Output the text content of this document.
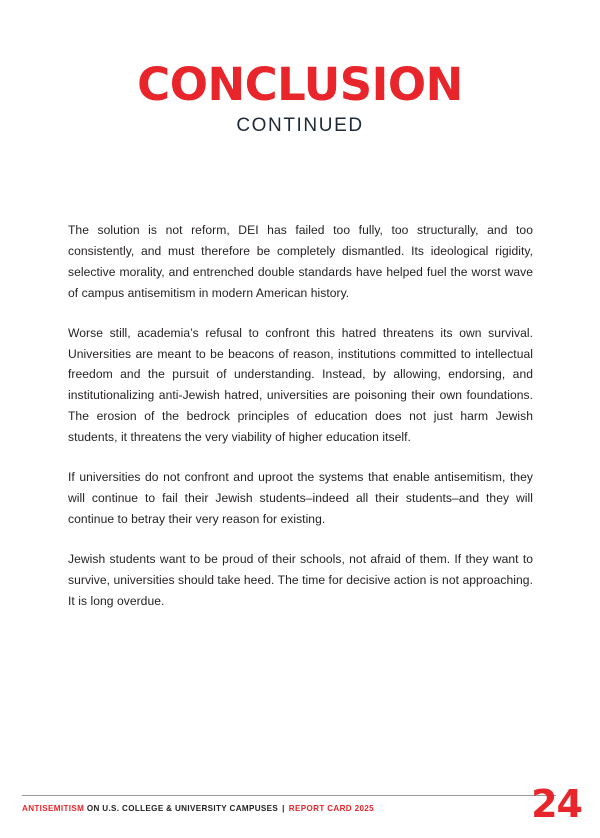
CONCLUSION
CONTINUED

The solution is not reform, DEI has failed too fully, too structurally, and too consistently, and must therefore be completely dismantled. Its ideological rigidity, selective morality, and entrenched double standards have helped fuel the worst wave of campus antisemitism in modern American history.

Worse still, academia’s refusal to confront this hatred threatens its own survival. Universities are meant to be beacons of reason, institutions committed to intellectual freedom and the pursuit of understanding. Instead, by allowing, endorsing, and institutionalizing anti-Jewish hatred, universities are poisoning their own foundations. The erosion of the bedrock principles of education does not just harm Jewish students, it threatens the very viability of higher education itself.

If universities do not confront and uproot the systems that enable antisemitism, they will continue to fail their Jewish students–indeed all their students–and they will continue to betray their very reason for existing.

Jewish students want to be proud of their schools, not afraid of them. If they want to survive, universities should take heed. The time for decisive action is not approaching. It is long overdue.

ANTISEMITISM ON U.S. COLLEGE & UNIVERSITY CAMPUSES | REPORT CARD 2025	24
